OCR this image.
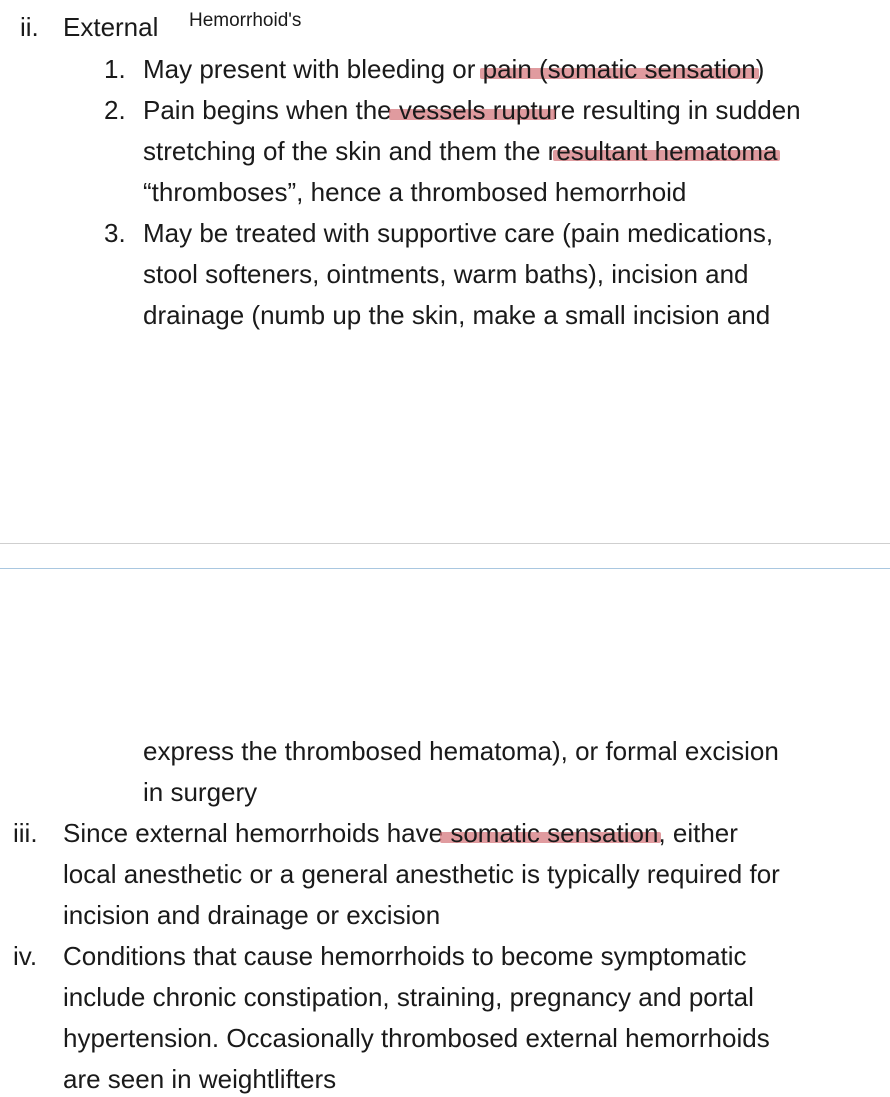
ii. External Hemorrhoid's
1. May present with bleeding or pain (somatic sensation)
2. Pain begins when the vessels rupture resulting in sudden
stretching of the skin and them the resultant hematoma
“thromboses”, hence a thrombosed hemorrhoid
3. May be treated with supportive care (pain medications,
stool softeners, ointments, warm baths), incision and
drainage (numb up the skin, make a small incision and
express the thrombosed hematoma), or formal excision
in surgery
iii. Since external hemorrhoids have somatic sensation, either
local anesthetic or a general anesthetic is typically required for
incision and drainage or excision
iv. Conditions that cause hemorrhoids to become symptomatic
include chronic constipation, straining, pregnancy and portal
hypertension. Occasionally thrombosed external hemorrhoids
are seen in weightlifters
